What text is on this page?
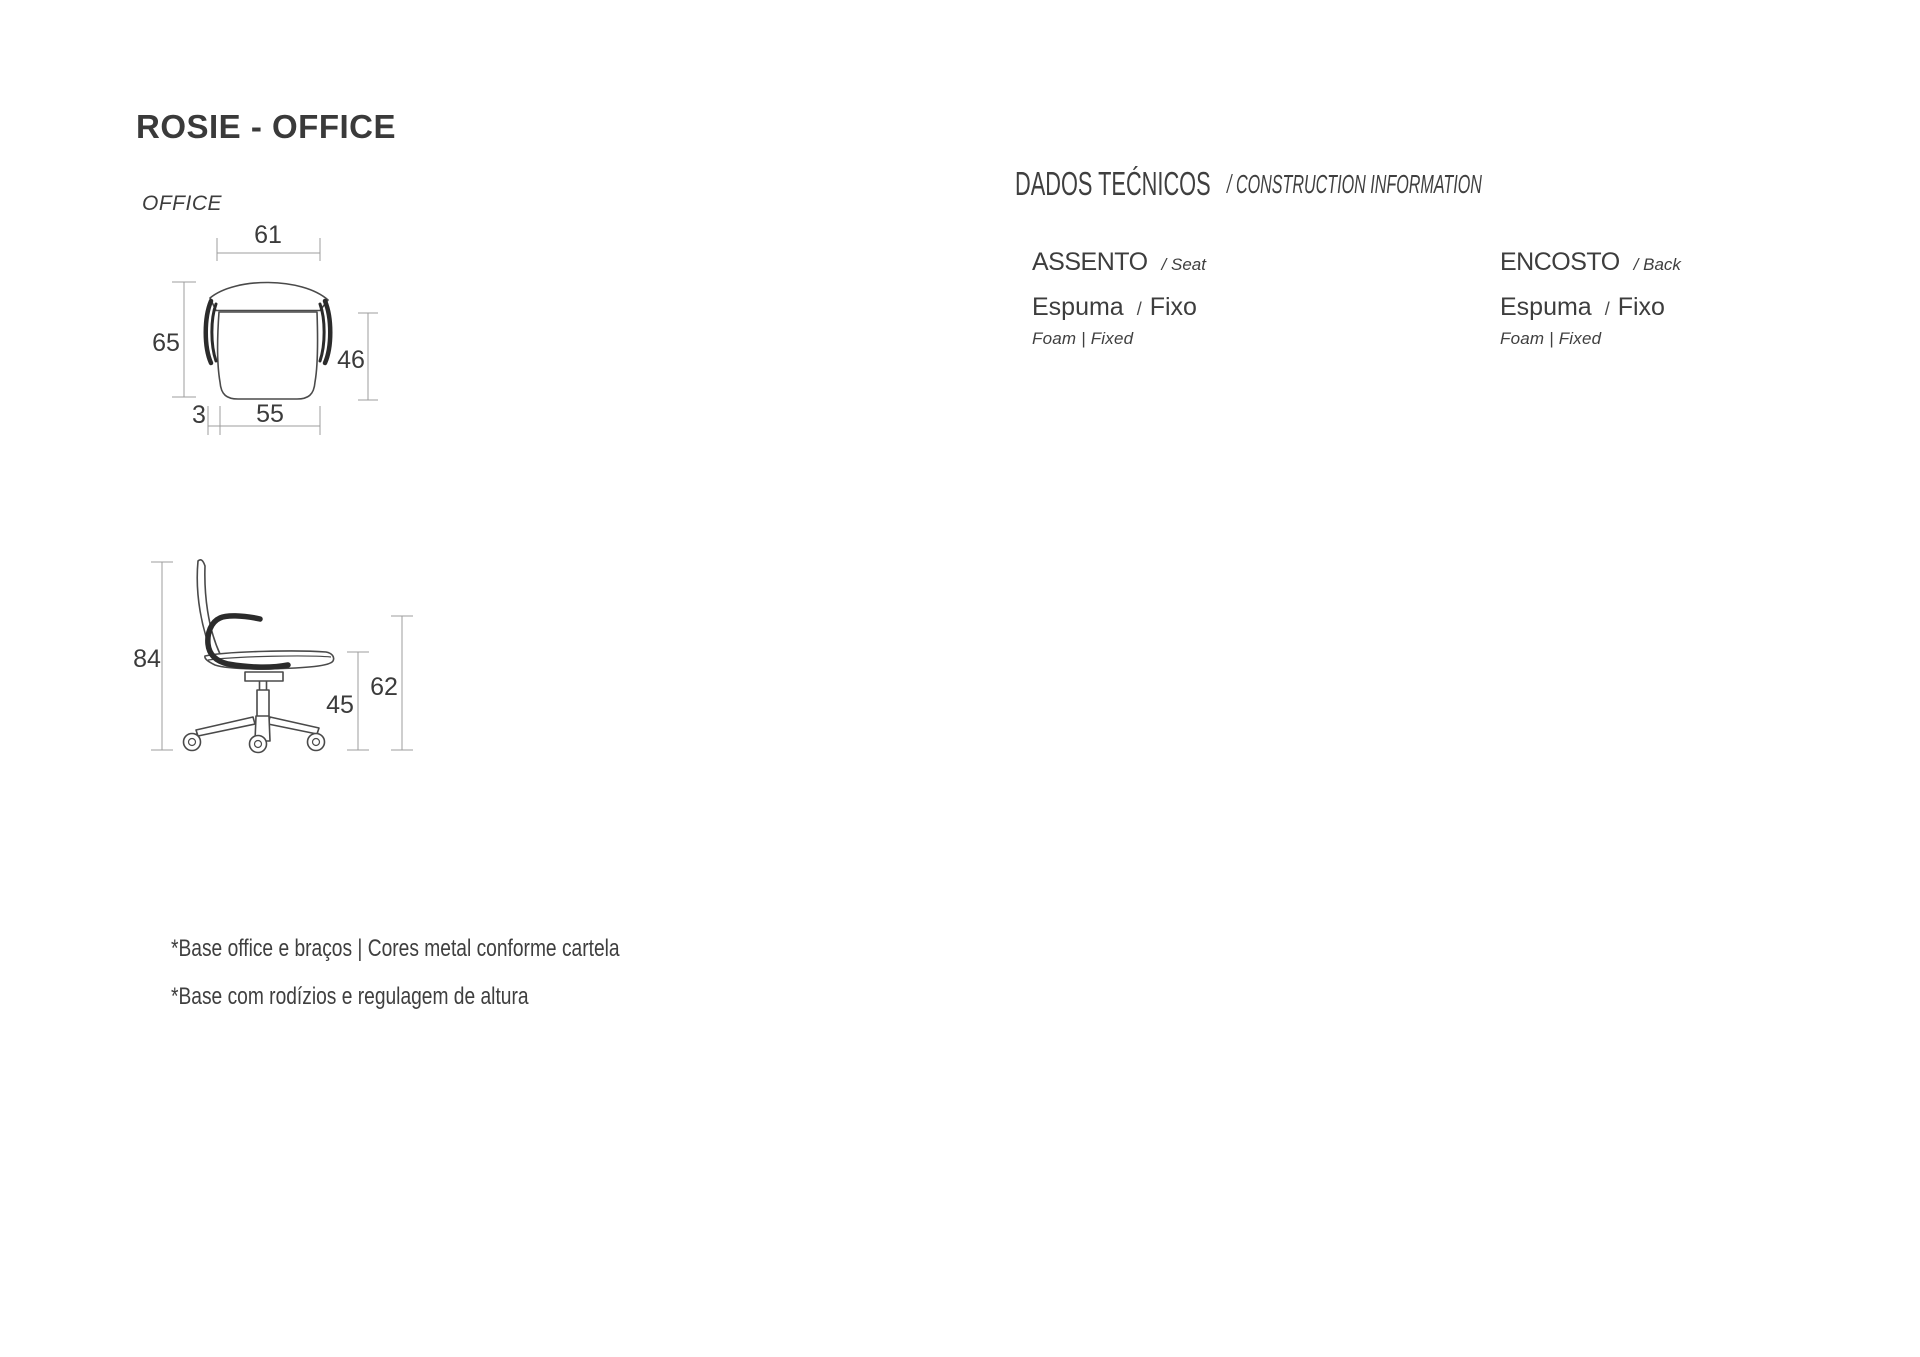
ROSIE - OFFICE
OFFICE
61
65
46
3 55
84
45
62
DADOS TEĆNICOS / CONSTRUCTION INFORMATION
ASSENTO / Seat
Espuma / Fixo
Foam | Fixed
ENCOSTO / Back
Espuma / Fixo
Foam | Fixed
*Base office e braços | Cores metal conforme cartela
*Base com rodízios e regulagem de altura
